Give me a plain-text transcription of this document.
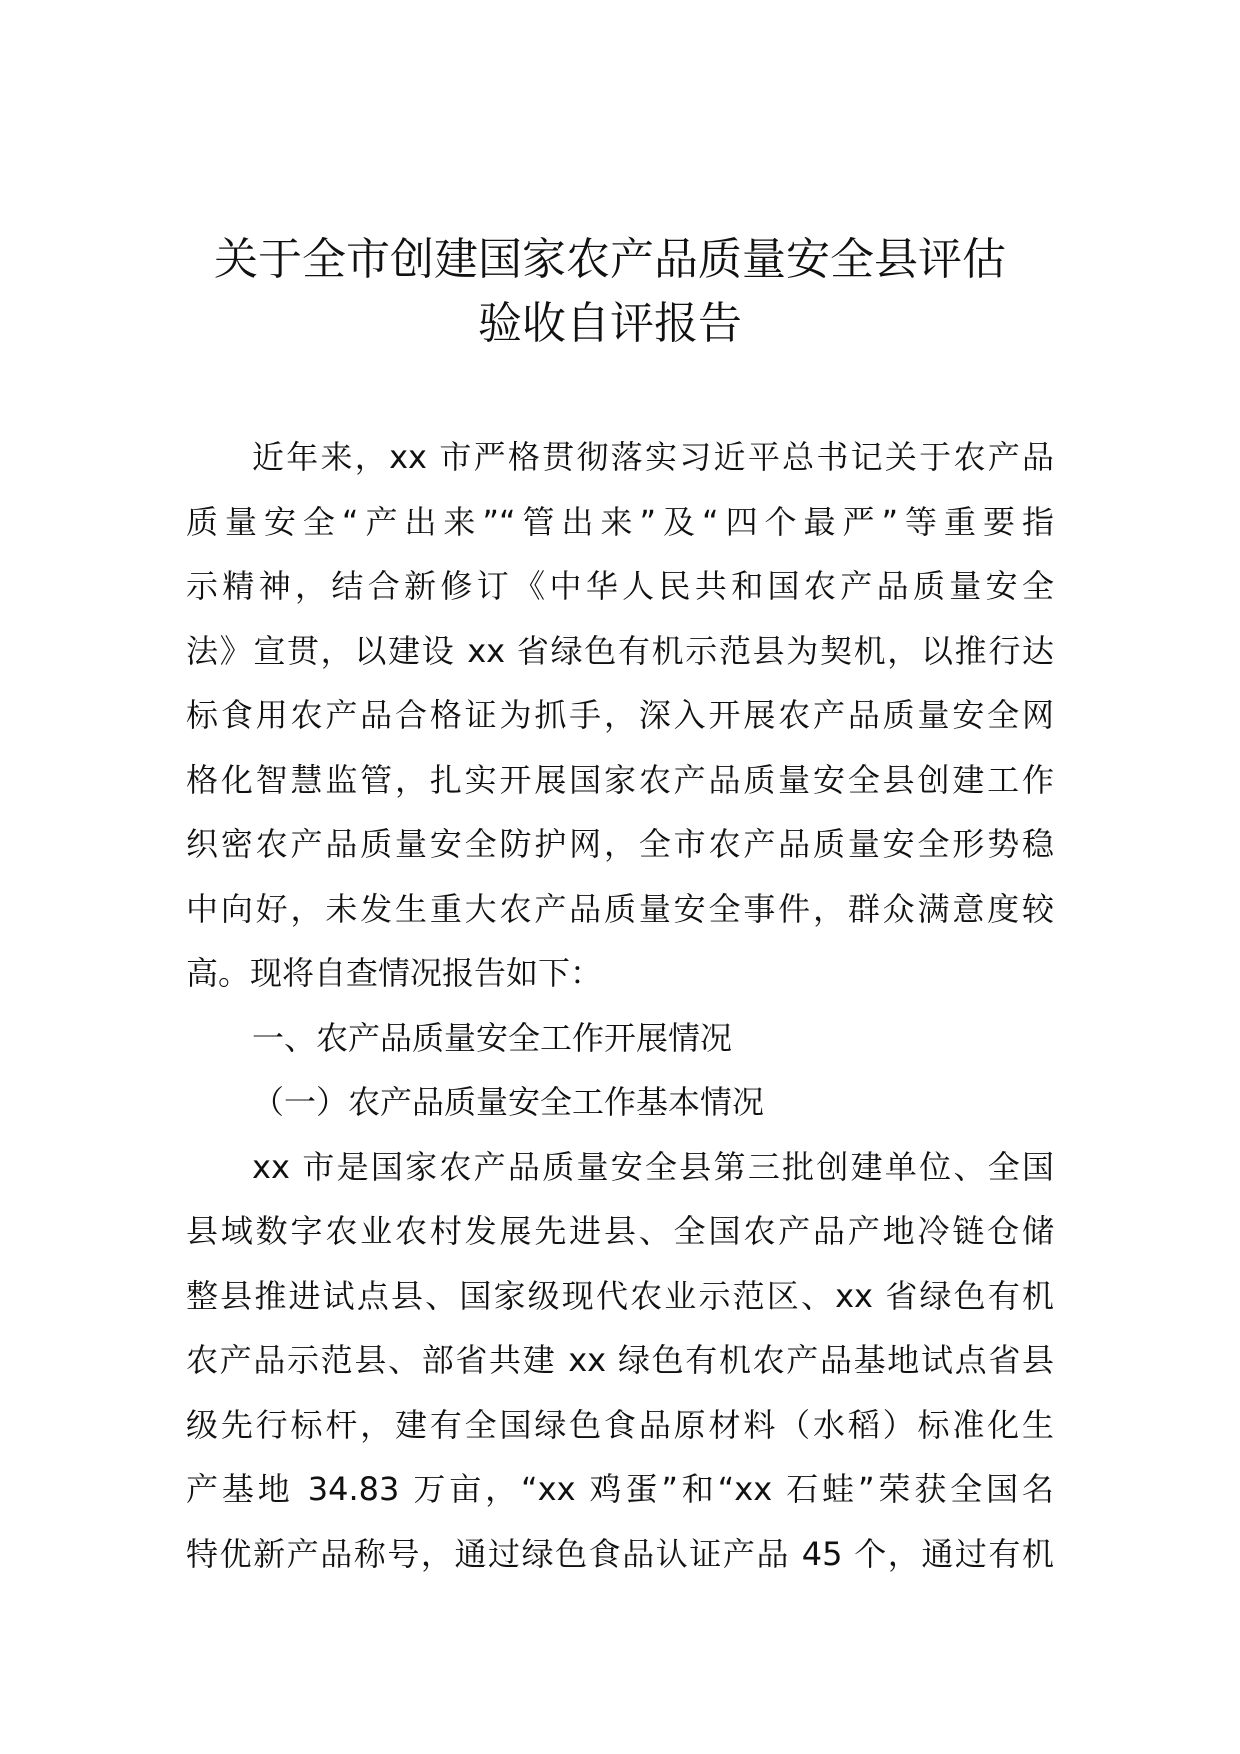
关于全市创建国家农产品质量安全县评估
验收自评报告
近年来，xx 市严格贯彻落实习近平总书记关于农产品
质量安全“产出来”“管出来”及“四个最严”等重要指
示精神，结合新修订《中华人民共和国农产品质量安全
法》宣贯，以建设 xx 省绿色有机示范县为契机，以推行达
标食用农产品合格证为抓手，深入开展农产品质量安全网
格化智慧监管，扎实开展国家农产品质量安全县创建工作
织密农产品质量安全防护网，全市农产品质量安全形势稳
中向好，未发生重大农产品质量安全事件，群众满意度较
高。现将自查情况报告如下：
一、农产品质量安全工作开展情况
（一）农产品质量安全工作基本情况
xx 市是国家农产品质量安全县第三批创建单位、全国
县域数字农业农村发展先进县、全国农产品产地冷链仓储
整县推进试点县、国家级现代农业示范区、xx 省绿色有机
农产品示范县、部省共建 xx 绿色有机农产品基地试点省县
级先行标杆，建有全国绿色食品原材料（水稻）标准化生
产基地 34.83 万亩，“xx 鸡蛋”和“xx 石蛙”荣获全国名
特优新产品称号，通过绿色食品认证产品 45 个，通过有机
